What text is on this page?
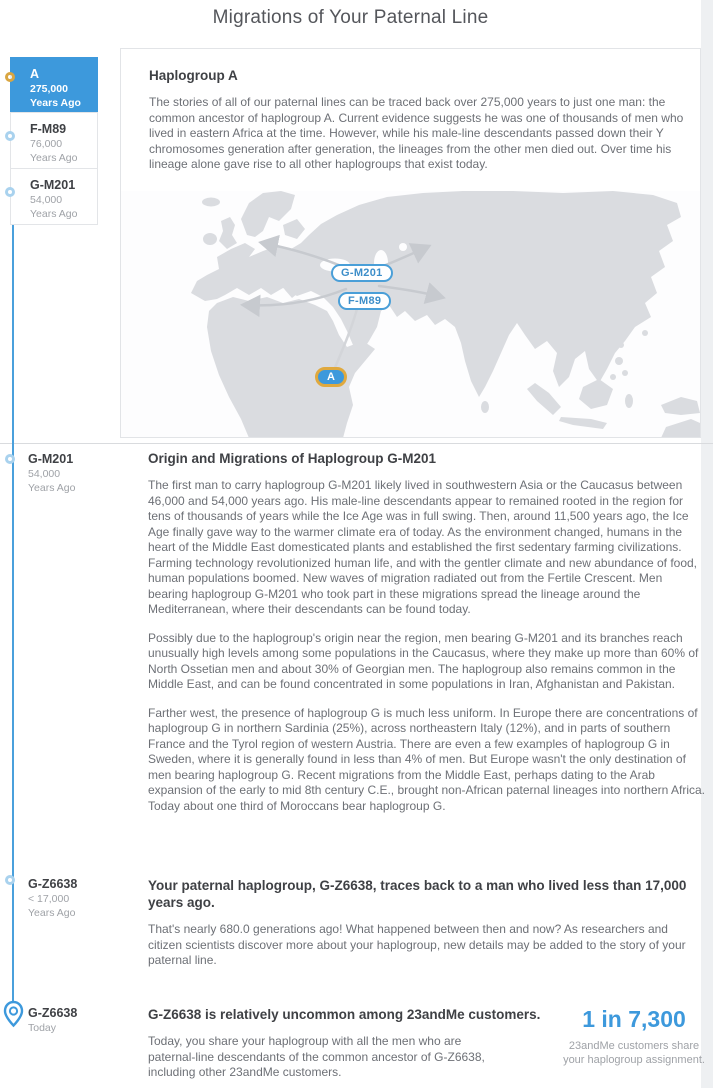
Migrations of Your Paternal Line
A
275,000
Years Ago
F-M89
76,000
Years Ago
G-M201
54,000
Years Ago
Haplogroup A

The stories of all of our paternal lines can be traced back over 275,000 years to just one man: the common ancestor of haplogroup A. Current evidence suggests he was one of thousands of men who lived in eastern Africa at the time. However, while his male-line descendants passed down their Y chromosomes generation after generation, the lineages from the other men died out. Over time his lineage alone gave rise to all other haplogroups that exist today.

G-M201
F-M89
A
G-M201
54,000
Years Ago
Origin and Migrations of Haplogroup G-M201

The first man to carry haplogroup G-M201 likely lived in southwestern Asia or the Caucasus between 46,000 and 54,000 years ago. His male-line descendants appear to remained rooted in the region for tens of thousands of years while the Ice Age was in full swing. Then, around 11,500 years ago, the Ice Age finally gave way to the warmer climate era of today. As the environment changed, humans in the heart of the Middle East domesticated plants and established the first sedentary farming civilizations. Farming technology revolutionized human life, and with the gentler climate and new abundance of food, human populations boomed. New waves of migration radiated out from the Fertile Crescent. Men bearing haplogroup G-M201 who took part in these migrations spread the lineage around the Mediterranean, where their descendants can be found today.

Possibly due to the haplogroup's origin near the region, men bearing G-M201 and its branches reach unusually high levels among some populations in the Caucasus, where they make up more than 60% of North Ossetian men and about 30% of Georgian men. The haplogroup also remains common in the Middle East, and can be found concentrated in some populations in Iran, Afghanistan and Pakistan.

Farther west, the presence of haplogroup G is much less uniform. In Europe there are concentrations of haplogroup G in northern Sardinia (25%), across northeastern Italy (12%), and in parts of southern France and the Tyrol region of western Austria. There are even a few examples of haplogroup G in Sweden, where it is generally found in less than 4% of men. But Europe wasn't the only destination of men bearing haplogroup G. Recent migrations from the Middle East, perhaps dating to the Arab expansion of the early to mid 8th century C.E., brought non-African paternal lineages into northern Africa. Today about one third of Moroccans bear haplogroup G.

G-Z6638
< 17,000
Years Ago
Your paternal haplogroup, G-Z6638, traces back to a man who lived less than 17,000 years ago.

That's nearly 680.0 generations ago! What happened between then and now? As researchers and citizen scientists discover more about your haplogroup, new details may be added to the story of your paternal line.

G-Z6638
Today
G-Z6638 is relatively uncommon among 23andMe customers.

Today, you share your haplogroup with all the men who are paternal-line descendants of the common ancestor of G-Z6638, including other 23andMe customers.

1 in 7,300
23andMe customers share your haplogroup assignment.
